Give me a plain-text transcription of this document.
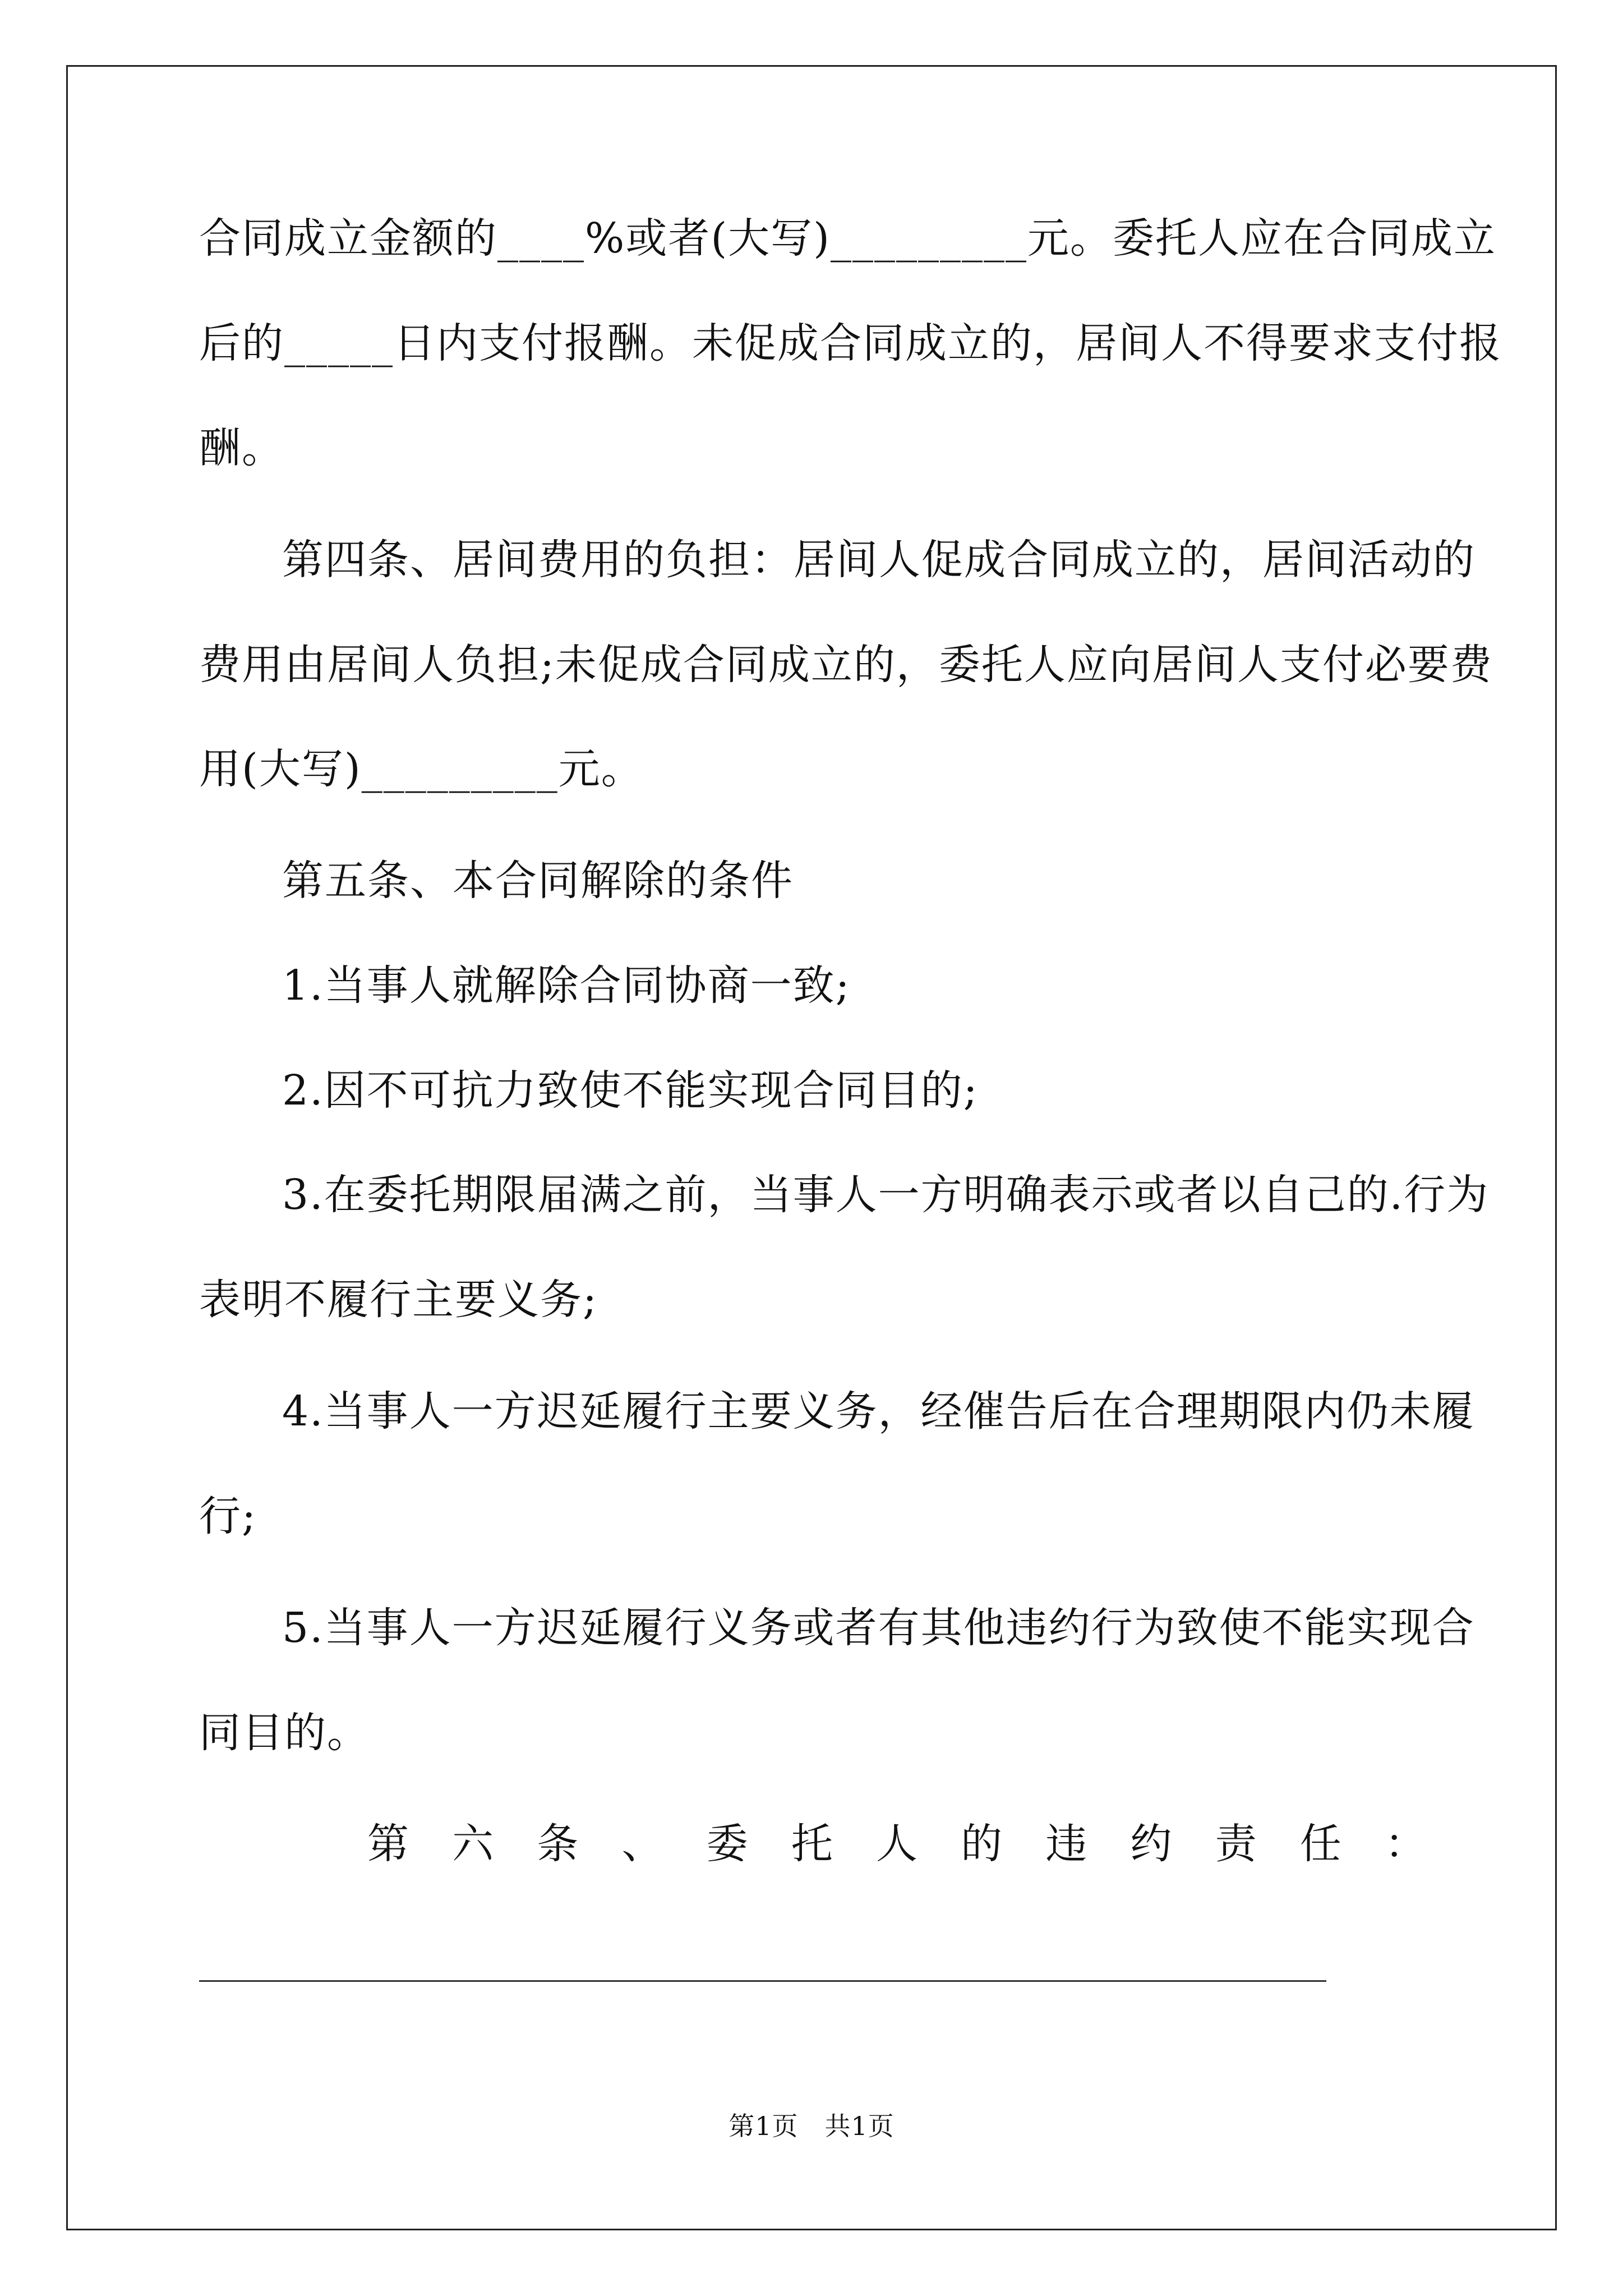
合同成立金额的____%或者(大写)_________元。委托人应在合同成立
后的_____日内支付报酬。未促成合同成立的，居间人不得要求支付报
酬。
第四条、居间费用的负担：居间人促成合同成立的，居间活动的
费用由居间人负担;未促成合同成立的，委托人应向居间人支付必要费
用(大写)_________元。
第五条、本合同解除的条件
1.当事人就解除合同协商一致;
2.因不可抗力致使不能实现合同目的;
3.在委托期限届满之前，当事人一方明确表示或者以自己的.行为
表明不履行主要义务;
4.当事人一方迟延履行主要义务，经催告后在合理期限内仍未履
行;
5.当事人一方迟延履行义务或者有其他违约行为致使不能实现合
同目的。
第六条、委托人的违约责任：
第1页　共1页
